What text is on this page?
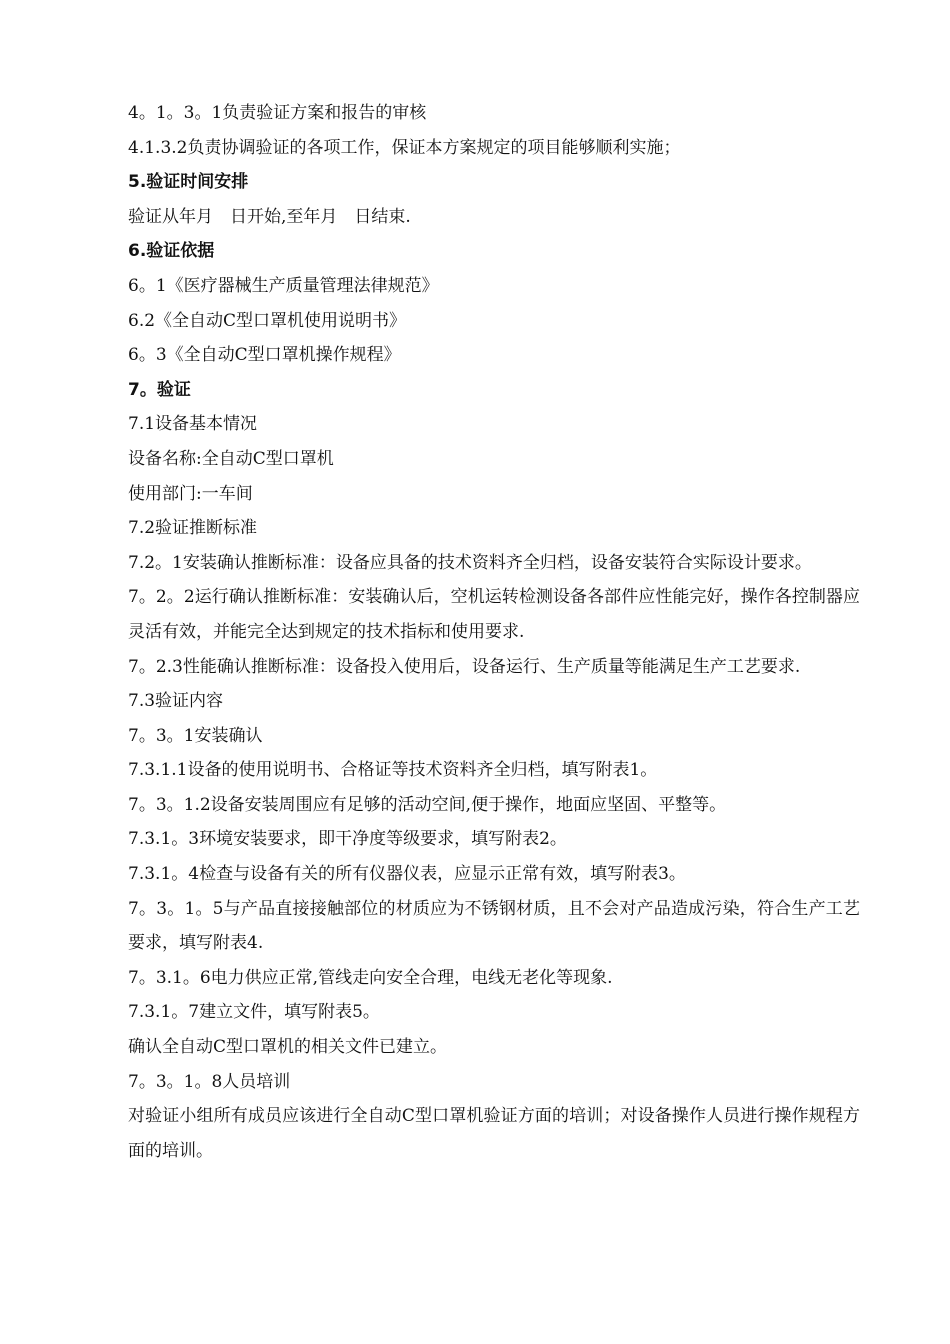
4。1。3。1负责验证方案和报告的审核

4.1.3.2负责协调验证的各项工作，保证本方案规定的项目能够顺利实施；

5.验证时间安排

验证从年月　日开始,至年月　日结束.

6.验证依据

6。1《医疗器械生产质量管理法律规范》

6.2《全自动C型口罩机使用说明书》

6。3《全自动C型口罩机操作规程》

7。验证

7.1设备基本情况

设备名称:全自动C型口罩机

使用部门:一车间

7.2验证推断标准

7.2。1安装确认推断标准：设备应具备的技术资料齐全归档，设备安装符合实际设计要求。

7。2。2运行确认推断标准：安装确认后，空机运转检测设备各部件应性能完好，操作各控制器应灵活有效，并能完全达到规定的技术指标和使用要求.

7。2.3性能确认推断标准：设备投入使用后，设备运行、生产质量等能满足生产工艺要求.

7.3验证内容

7。3。1安装确认

7.3.1.1设备的使用说明书、合格证等技术资料齐全归档，填写附表1。

7。3。1.2设备安装周围应有足够的活动空间,便于操作，地面应坚固、平整等。

7.3.1。3环境安装要求，即干净度等级要求，填写附表2。

7.3.1。4检查与设备有关的所有仪器仪表，应显示正常有效，填写附表3。

7。3。1。5与产品直接接触部位的材质应为不锈钢材质，且不会对产品造成污染，符合生产工艺要求，填写附表4.

7。3.1。6电力供应正常,管线走向安全合理，电线无老化等现象.

7.3.1。7建立文件，填写附表5。

确认全自动C型口罩机的相关文件已建立。

7。3。1。8人员培训

对验证小组所有成员应该进行全自动C型口罩机验证方面的培训；对设备操作人员进行操作规程方面的培训。
